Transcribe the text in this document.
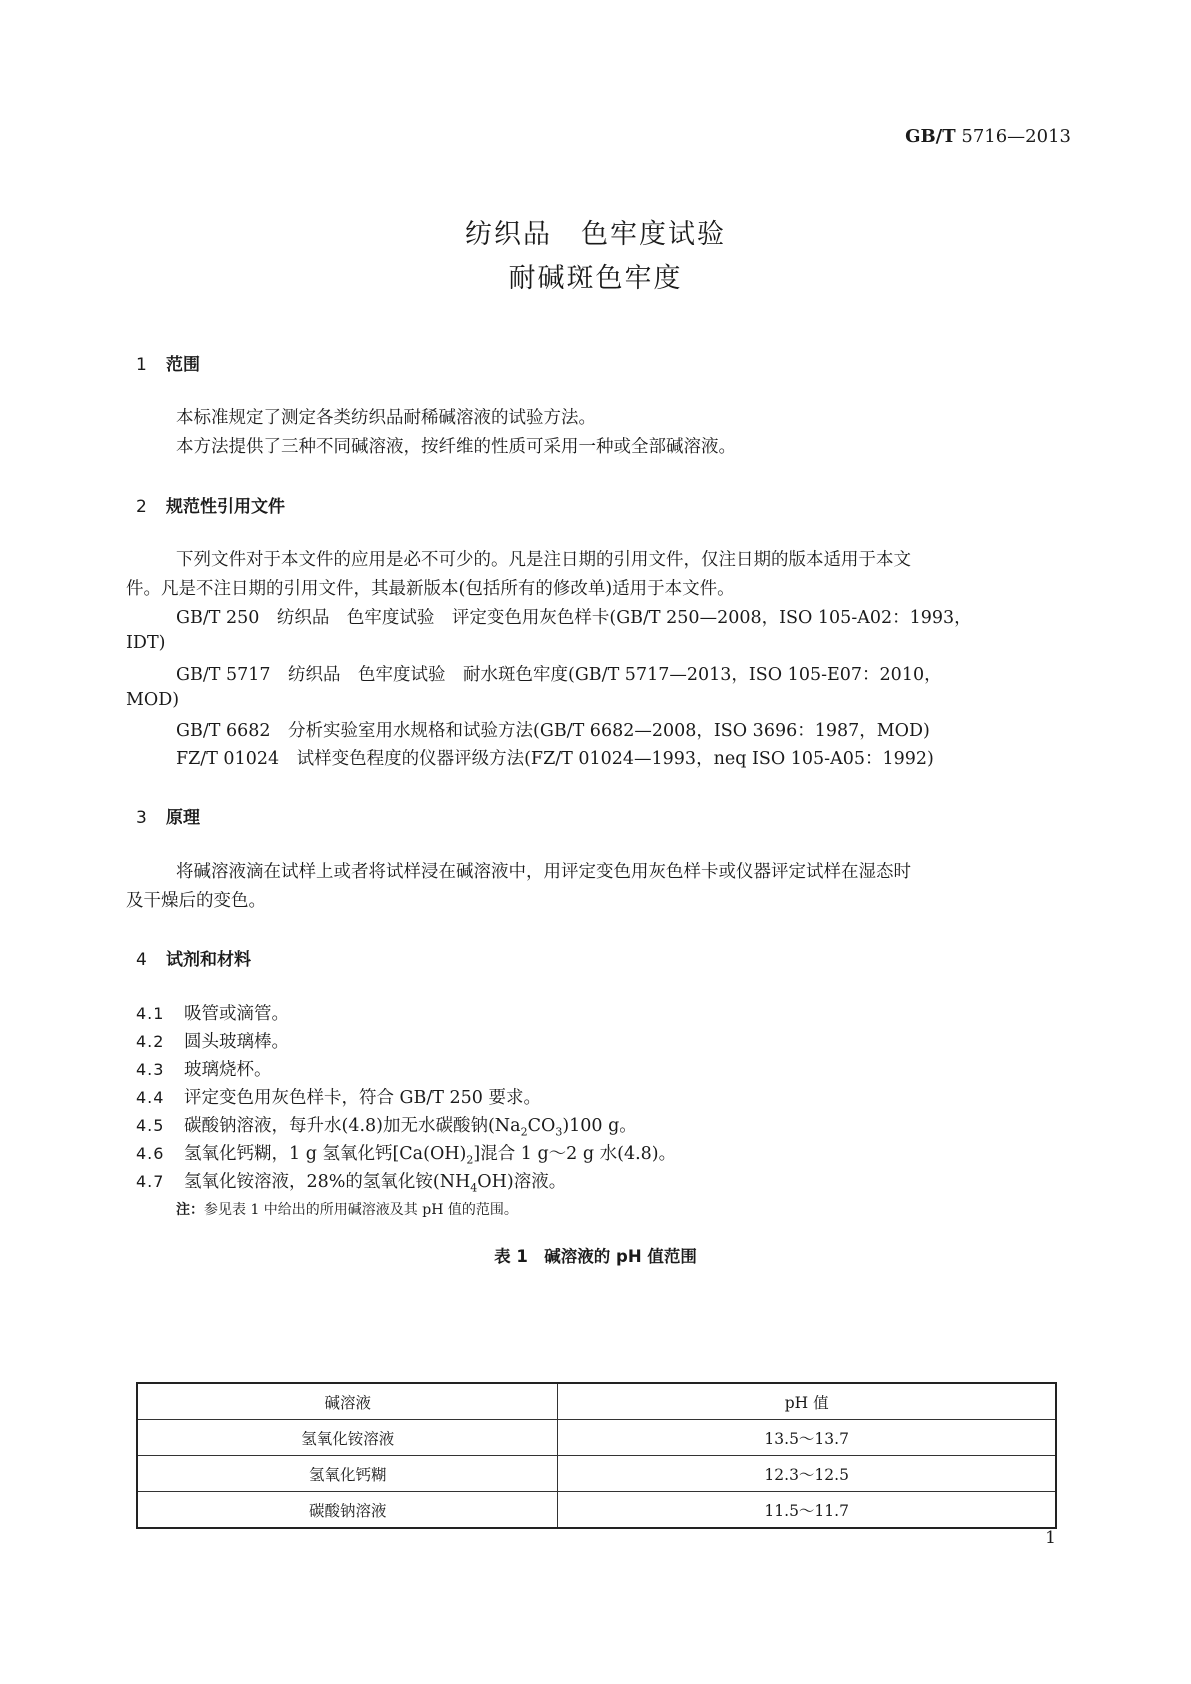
GB/T 5716—2013
纺织品　色牢度试验
耐碱斑色牢度
1 范围
本标准规定了测定各类纺织品耐稀碱溶液的试验方法。
本方法提供了三种不同碱溶液，按纤维的性质可采用一种或全部碱溶液。
2 规范性引用文件
下列文件对于本文件的应用是必不可少的。凡是注日期的引用文件，仅注日期的版本适用于本文
件。凡是不注日期的引用文件，其最新版本(包括所有的修改单)适用于本文件。
GB/T 250　纺织品　色牢度试验　评定变色用灰色样卡(GB/T 250—2008，ISO 105-A02：1993，
IDT)
GB/T 5717　纺织品　色牢度试验　耐水斑色牢度(GB/T 5717—2013，ISO 105-E07：2010，
MOD)
GB/T 6682　分析实验室用水规格和试验方法(GB/T 6682—2008，ISO 3696：1987，MOD)
FZ/T 01024　试样变色程度的仪器评级方法(FZ/T 01024—1993，neq ISO 105-A05：1992)
3 原理
将碱溶液滴在试样上或者将试样浸在碱溶液中，用评定变色用灰色样卡或仪器评定试样在湿态时
及干燥后的变色。
4 试剂和材料
4.1 吸管或滴管。
4.2 圆头玻璃棒。
4.3 玻璃烧杯。
4.4 评定变色用灰色样卡，符合 GB/T 250 要求。
4.5 碳酸钠溶液，每升水(4.8)加无水碳酸钠$(Na_2CO_3)100$ g。
4.6 氢氧化钙糊，1 g 氢氧化钙$[Ca(OH)_2]$混合 1 g～2 g 水(4.8)。
4.7 氢氧化铵溶液，28%的氢氧化铵$(NH_4OH)$溶液。
注：参见表 1 中给出的所用碱溶液及其 pH 值的范围。
表 1　碱溶液的 pH 值范围
碱溶液	pH 值
氢氧化铵溶液	13.5～13.7
氢氧化钙糊	12.3～12.5
碳酸钠溶液	11.5～11.7
1
